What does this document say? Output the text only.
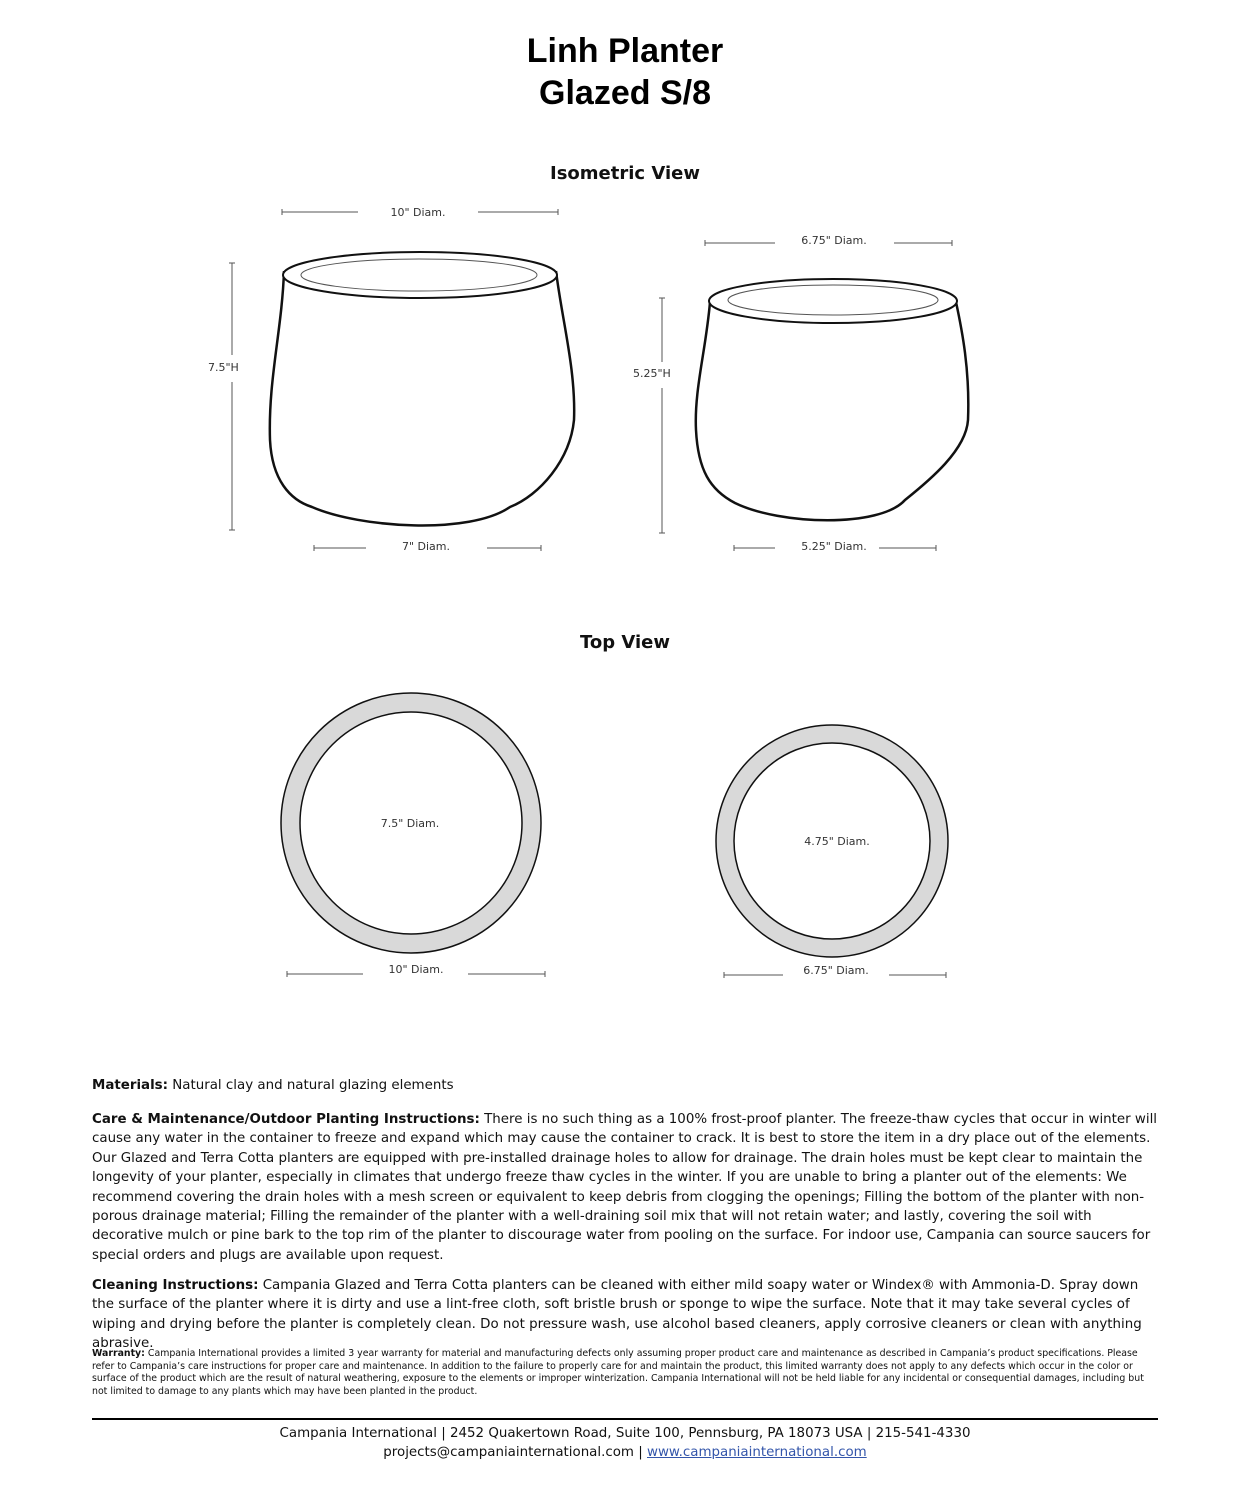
Linh Planter
Glazed S/8
Isometric View
Top View
10" Diam.
7.5"H
7" Diam.
6.75" Diam.
5.25"H
5.25" Diam.
7.5" Diam.
10" Diam.
4.75" Diam.
6.75" Diam.
Materials: Natural clay and natural glazing elements
Care & Maintenance/Outdoor Planting Instructions: There is no such thing as a 100% frost-proof planter. The freeze-thaw cycles that occur in winter will cause any water in the container to freeze and expand which may cause the container to crack. It is best to store the item in a dry place out of the elements. Our Glazed and Terra Cotta planters are equipped with pre-installed drainage holes to allow for drainage. The drain holes must be kept clear to maintain the longevity of your planter, especially in climates that undergo freeze thaw cycles in the winter. If you are unable to bring a planter out of the elements: We recommend covering the drain holes with a mesh screen or equivalent to keep debris from clogging the openings; Filling the bottom of the planter with non-porous drainage material; Filling the remainder of the planter with a well-draining soil mix that will not retain water; and lastly, covering the soil with decorative mulch or pine bark to the top rim of the planter to discourage water from pooling on the surface. For indoor use, Campania can source saucers for special orders and plugs are available upon request.
Cleaning Instructions: Campania Glazed and Terra Cotta planters can be cleaned with either mild soapy water or Windex® with Ammonia-D. Spray down the surface of the planter where it is dirty and use a lint-free cloth, soft bristle brush or sponge to wipe the surface. Note that it may take several cycles of wiping and drying before the planter is completely clean. Do not pressure wash, use alcohol based cleaners, apply corrosive cleaners or clean with anything abrasive.
Warranty: Campania International provides a limited 3 year warranty for material and manufacturing defects only assuming proper product care and maintenance as described in Campania’s product specifications. Please refer to Campania’s care instructions for proper care and maintenance. In addition to the failure to properly care for and maintain the product, this limited warranty does not apply to any defects which occur in the color or surface of the product which are the result of natural weathering, exposure to the elements or improper winterization. Campania International will not be held liable for any incidental or consequential damages, including but not limited to damage to any plants which may have been planted in the product.
Campania International | 2452 Quakertown Road, Suite 100, Pennsburg, PA 18073 USA | 215-541-4330
projects@campaniainternational.com | www.campaniainternational.com
